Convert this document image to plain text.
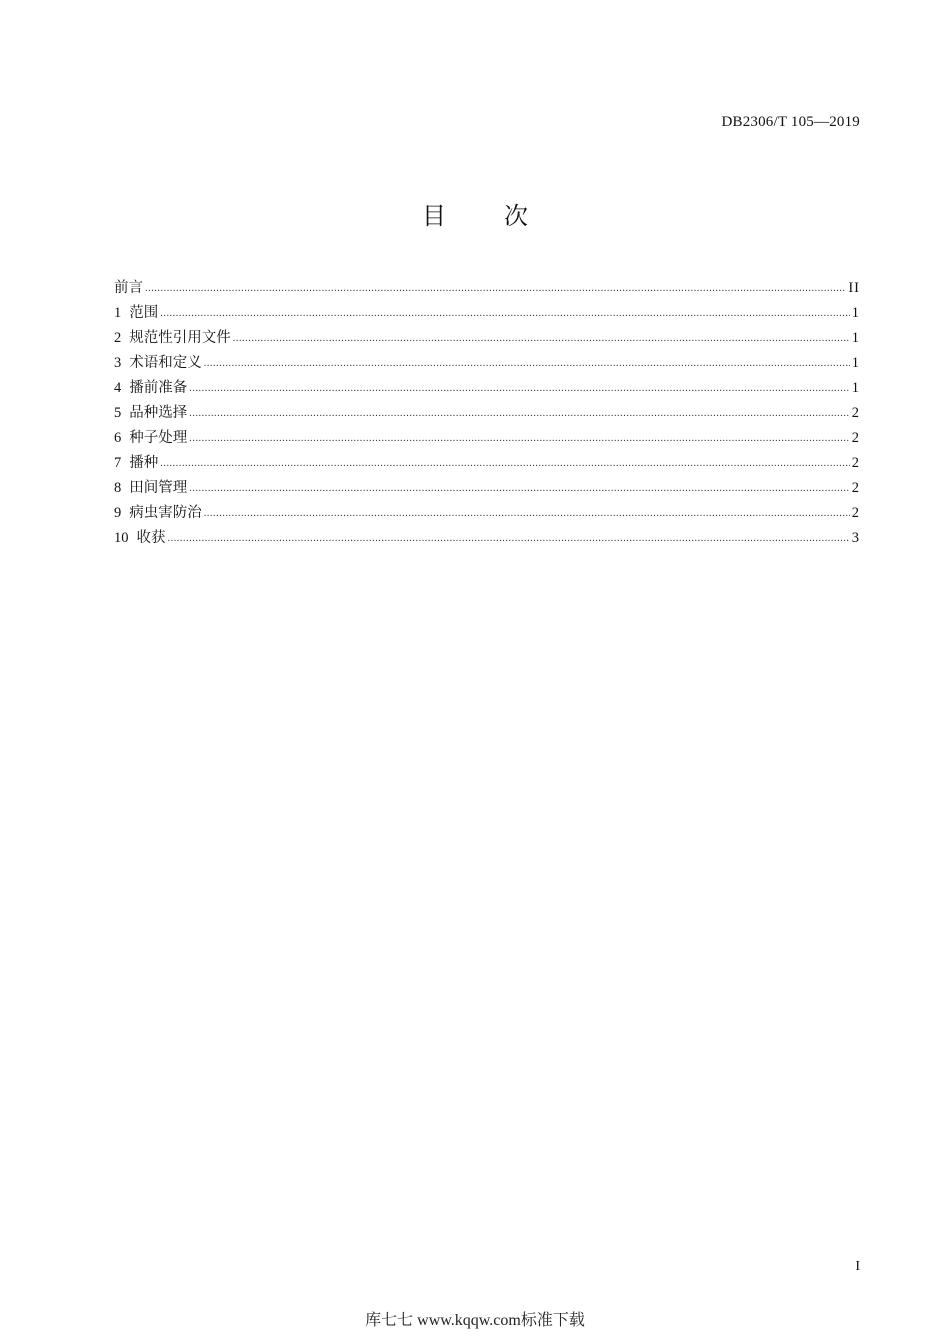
DB2306/T 105—2019
目 次
前言 .....	II
1 范围 .....	1
2 规范性引用文件 .....	1
3 术语和定义 .....	1
4 播前准备 .....	1
5 品种选择 .....	2
6 种子处理 .....	2
7 播种 .....	2
8 田间管理 .....	2
9 病虫害防治 .....	2
10 收获 .....	3
I
库七七 www.kqqw.com标准下载
